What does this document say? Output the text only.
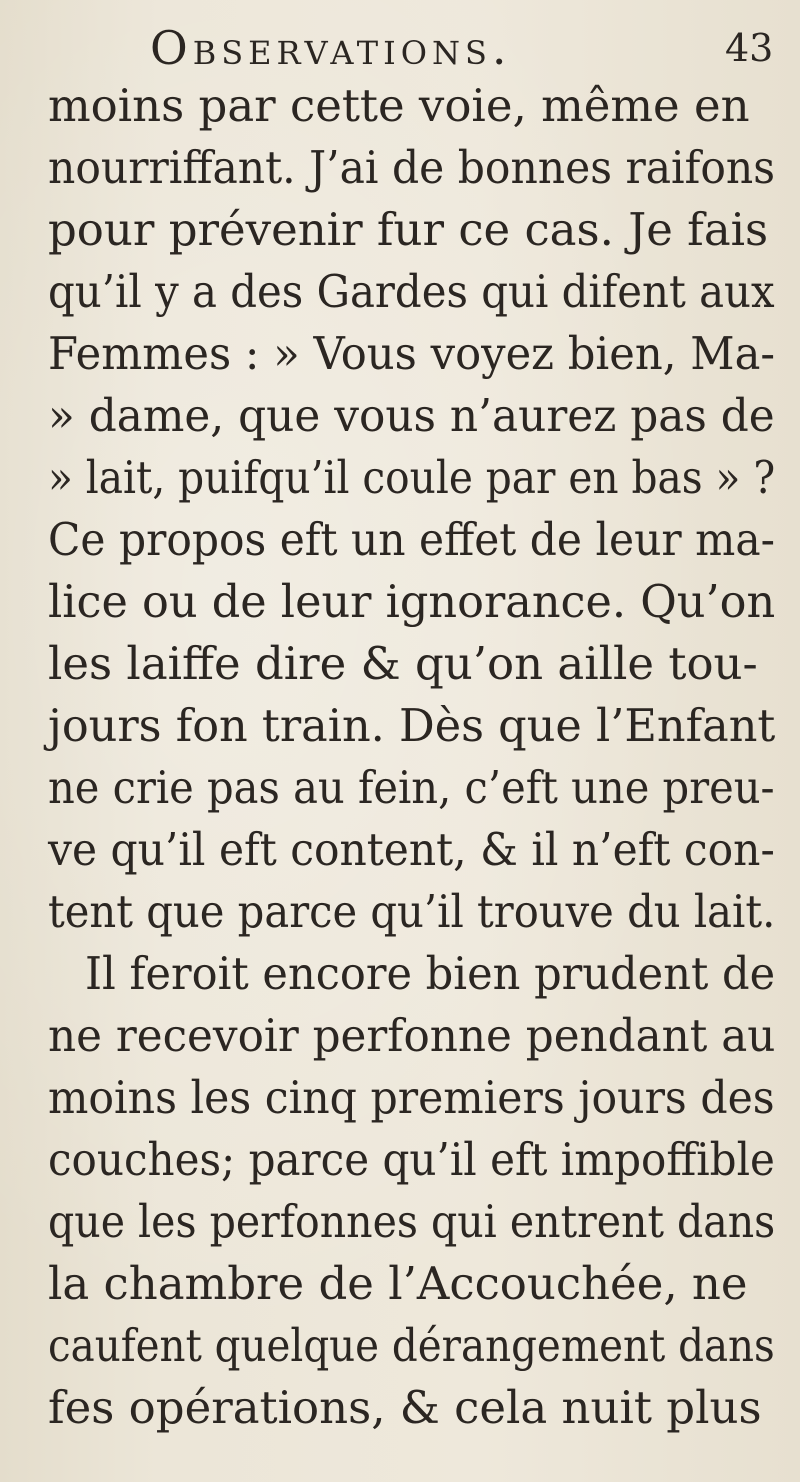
Observations.	43
moins par cette voie, même en
nourriffant. J’ai de bonnes raifons
pour prévenir fur ce cas. Je fais
qu’il y a des Gardes qui difent aux
Femmes : » Vous voyez bien, Ma-
» dame, que vous n’aurez pas de
» lait, puifqu’il coule par en bas » ?
Ce propos eft un effet de leur ma-
lice ou de leur ignorance. Qu’on
les laiffe dire & qu’on aille tou-
jours fon train. Dès que l’Enfant
ne crie pas au fein, c’eft une preu-
ve qu’il eft content, & il n’eft con-
tent que parce qu’il trouve du lait.
Il feroit encore bien prudent de
ne recevoir perfonne pendant au
moins les cinq premiers jours des
couches; parce qu’il eft impoffible
que les perfonnes qui entrent dans
la chambre de l’Accouchée, ne
caufent quelque dérangement dans
fes opérations, & cela nuit plus
